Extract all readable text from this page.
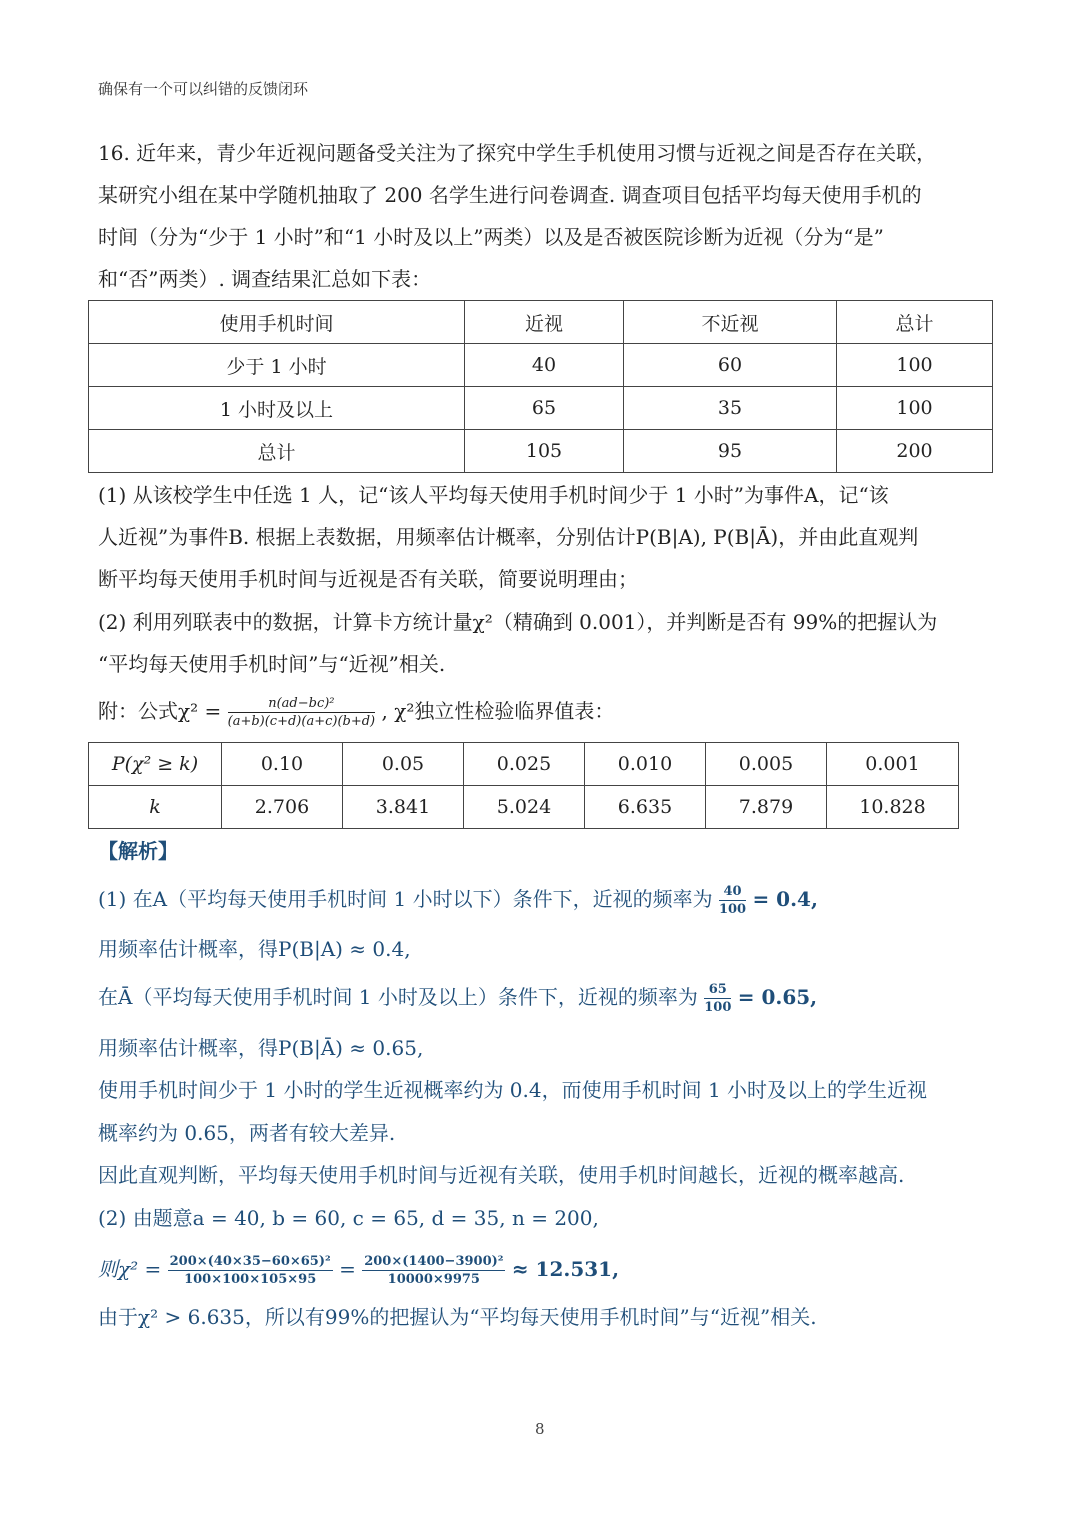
确保有一个可以纠错的反馈闭环
16. 近年来，青少年近视问题备受关注为了探究中学生手机使用习惯与近视之间是否存在关联，
某研究小组在某中学随机抽取了 200 名学生进行问卷调查. 调查项目包括平均每天使用手机的
时间（分为“少于 1 小时”和“1 小时及以上”两类）以及是否被医院诊断为近视（分为“是”
和“否”两类）. 调查结果汇总如下表：
使用手机时间	近视	不近视	总计
少于 1 小时	40	60	100
1 小时及以上	65	35	100
总计	105	95	200
(1) 从该校学生中任选 1 人，记“该人平均每天使用手机时间少于 1 小时”为事件A，记“该
人近视”为事件B. 根据上表数据，用频率估计概率，分别估计P(B|A), P(B|Ā)，并由此直观判
断平均每天使用手机时间与近视是否有关联，简要说明理由；
(2) 利用列联表中的数据，计算卡方统计量χ²（精确到 0.001），并判断是否有 99%的把握认为
“平均每天使用手机时间”与“近视”相关.
附：公式$\chi^2 = \frac{\text{n(ad−bc)²}}{(a+b)(c+d)(a+c)(b+d)}$ , χ²独立性检验临界值表：
P(χ² ≥ k)	0.10	0.05	0.025	0.010	0.005	0.001
k	2.706	3.841	5.024	6.635	7.879	10.828
【解析】
(1) 在A（平均每天使用手机时间 1 小时以下）条件下，近视的频率为 $\frac{40}{100} = 0.4$,
用频率估计概率，得P(B|A) ≈ 0.4,
在Ā（平均每天使用手机时间 1 小时及以上）条件下，近视的频率为 $\frac{65}{100} = 0.65$,
用频率估计概率，得P(B|Ā) ≈ 0.65,
使用手机时间少于 1 小时的学生近视概率约为 0.4，而使用手机时间 1 小时及以上的学生近视
概率约为 0.65，两者有较大差异.
因此直观判断，平均每天使用手机时间与近视有关联，使用手机时间越长，近视的概率越高.
(2) 由题意a = 40, b = 60, c = 65, d = 35, n = 200,
则$\chi^2 = \frac{\text{200×(40×35−60×65)²}}{100\times 100\times 105\times 95} = \frac{\text{200×(1400−3900)²}}{10000\times 9975} \approx 12.531$,
由于χ² > 6.635，所以有99%的把握认为“平均每天使用手机时间”与“近视”相关.
8
